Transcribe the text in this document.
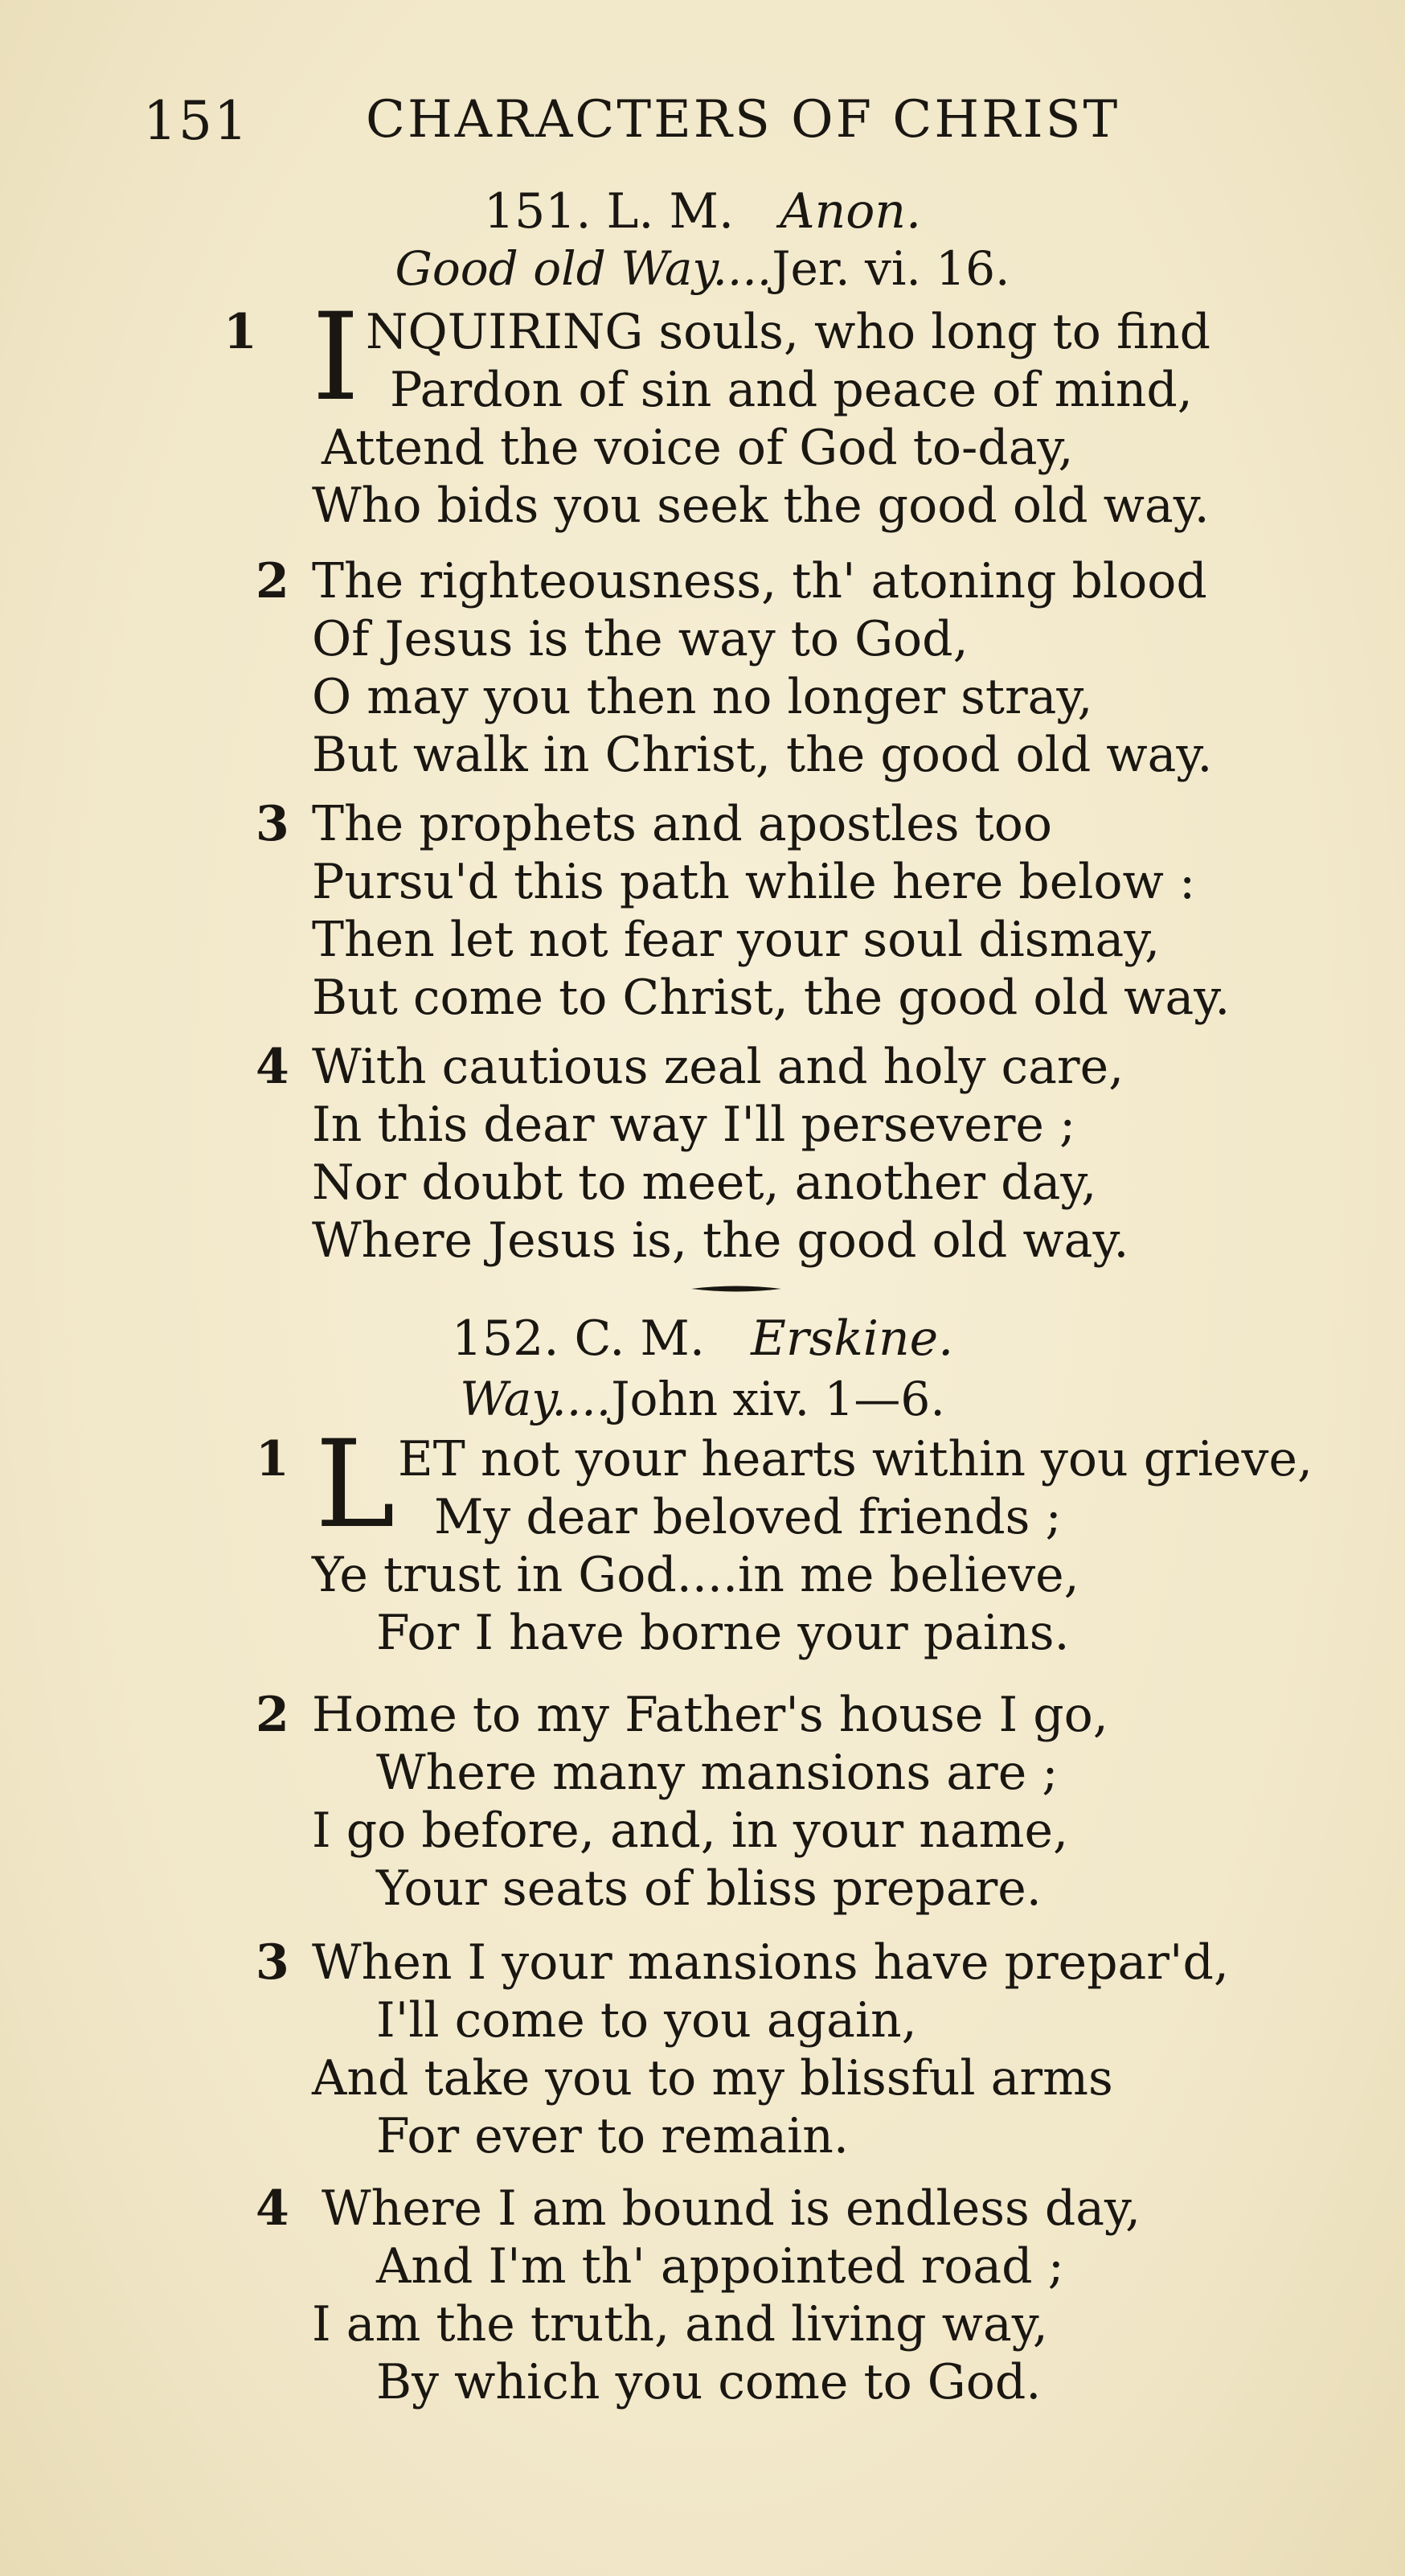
151 CHARACTERS OF CHRIST
151. L. M. Anon.
Good old Way....Jer. vi. 16.
1 I NQUIRING souls, who long to find
Pardon of sin and peace of mind,
Attend the voice of God to-day,
Who bids you seek the good old way.
2 The righteousness, th' atoning blood
Of Jesus is the way to God,
O may you then no longer stray,
But walk in Christ, the good old way.
3 The prophets and apostles too
Pursu'd this path while here below :
Then let not fear your soul dismay,
But come to Christ, the good old way.
4 With cautious zeal and holy care,
In this dear way I'll persevere ;
Nor doubt to meet, another day,
Where Jesus is, the good old way.
152. C. M. Erskine.
Way....John xiv. 1—6.
1 L ET not your hearts within you grieve,
My dear beloved friends ;
Ye trust in God....in me believe,
For I have borne your pains.
2 Home to my Father's house I go,
Where many mansions are ;
I go before, and, in your name,
Your seats of bliss prepare.
3 When I your mansions have prepar'd,
I'll come to you again,
And take you to my blissful arms
For ever to remain.
4 Where I am bound is endless day,
And I'm th' appointed road ;
I am the truth, and living way,
By which you come to God.
